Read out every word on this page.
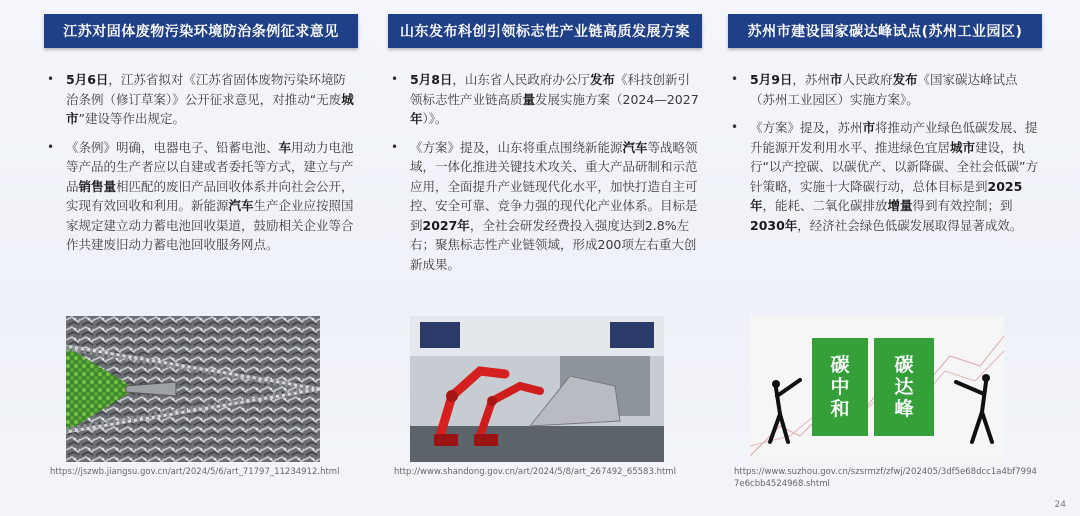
江苏对固体废物污染环境防治条例征求意见
• 5月6日，江苏省拟对《江苏省固体废物污染环境防治条例（修订草案）》公开征求意见，对推动“无废城市”建设等作出规定。
• 《条例》明确，电器电子、铅蓄电池、车用动力电池等产品的生产者应以自建或者委托等方式，建立与产品销售量相匹配的废旧产品回收体系并向社会公开，实现有效回收和利用。新能源汽车生产企业应按照国家规定建立动力蓄电池回收渠道，鼓励相关企业等合作共建废旧动力蓄电池回收服务网点。
https://jszwb.jiangsu.gov.cn/art/2024/5/6/art_71797_11234912.html
山东发布科创引领标志性产业链高质发展方案
• 5月8日，山东省人民政府办公厅发布《科技创新引领标志性产业链高质量发展实施方案（2024—2027年）》。
• 《方案》提及，山东将重点围绕新能源汽车等战略领域，一体化推进关键技术攻关、重大产品研制和示范应用，全面提升产业链现代化水平，加快打造自主可控、安全可靠、竞争力强的现代化产业体系。目标是到2027年，全社会研发经费投入强度达到2.8%左右；聚焦标志性产业链领域，形成200项左右重大创新成果。
http://www.shandong.gov.cn/art/2024/5/8/art_267492_65583.html
苏州市建设国家碳达峰试点(苏州工业园区)
• 5月9日，苏州市人民政府发布《国家碳达峰试点（苏州工业园区）实施方案》。
• 《方案》提及，苏州市将推动产业绿色低碳发展、提升能源开发利用水平、推进绿色宜居城市建设，执行“以产控碳、以碳优产、以新降碳、全社会低碳”方针策略，实施十大降碳行动，总体目标是到2025年，能耗、二氧化碳排放增量得到有效控制；到2030年，经济社会绿色低碳发展取得显著成效。
碳
中
和
碳
达
峰
https://www.suzhou.gov.cn/szsrmzf/zfwj/202405/3df5e68dcc1a4bf79947e6cbb4524968.shtml
24
